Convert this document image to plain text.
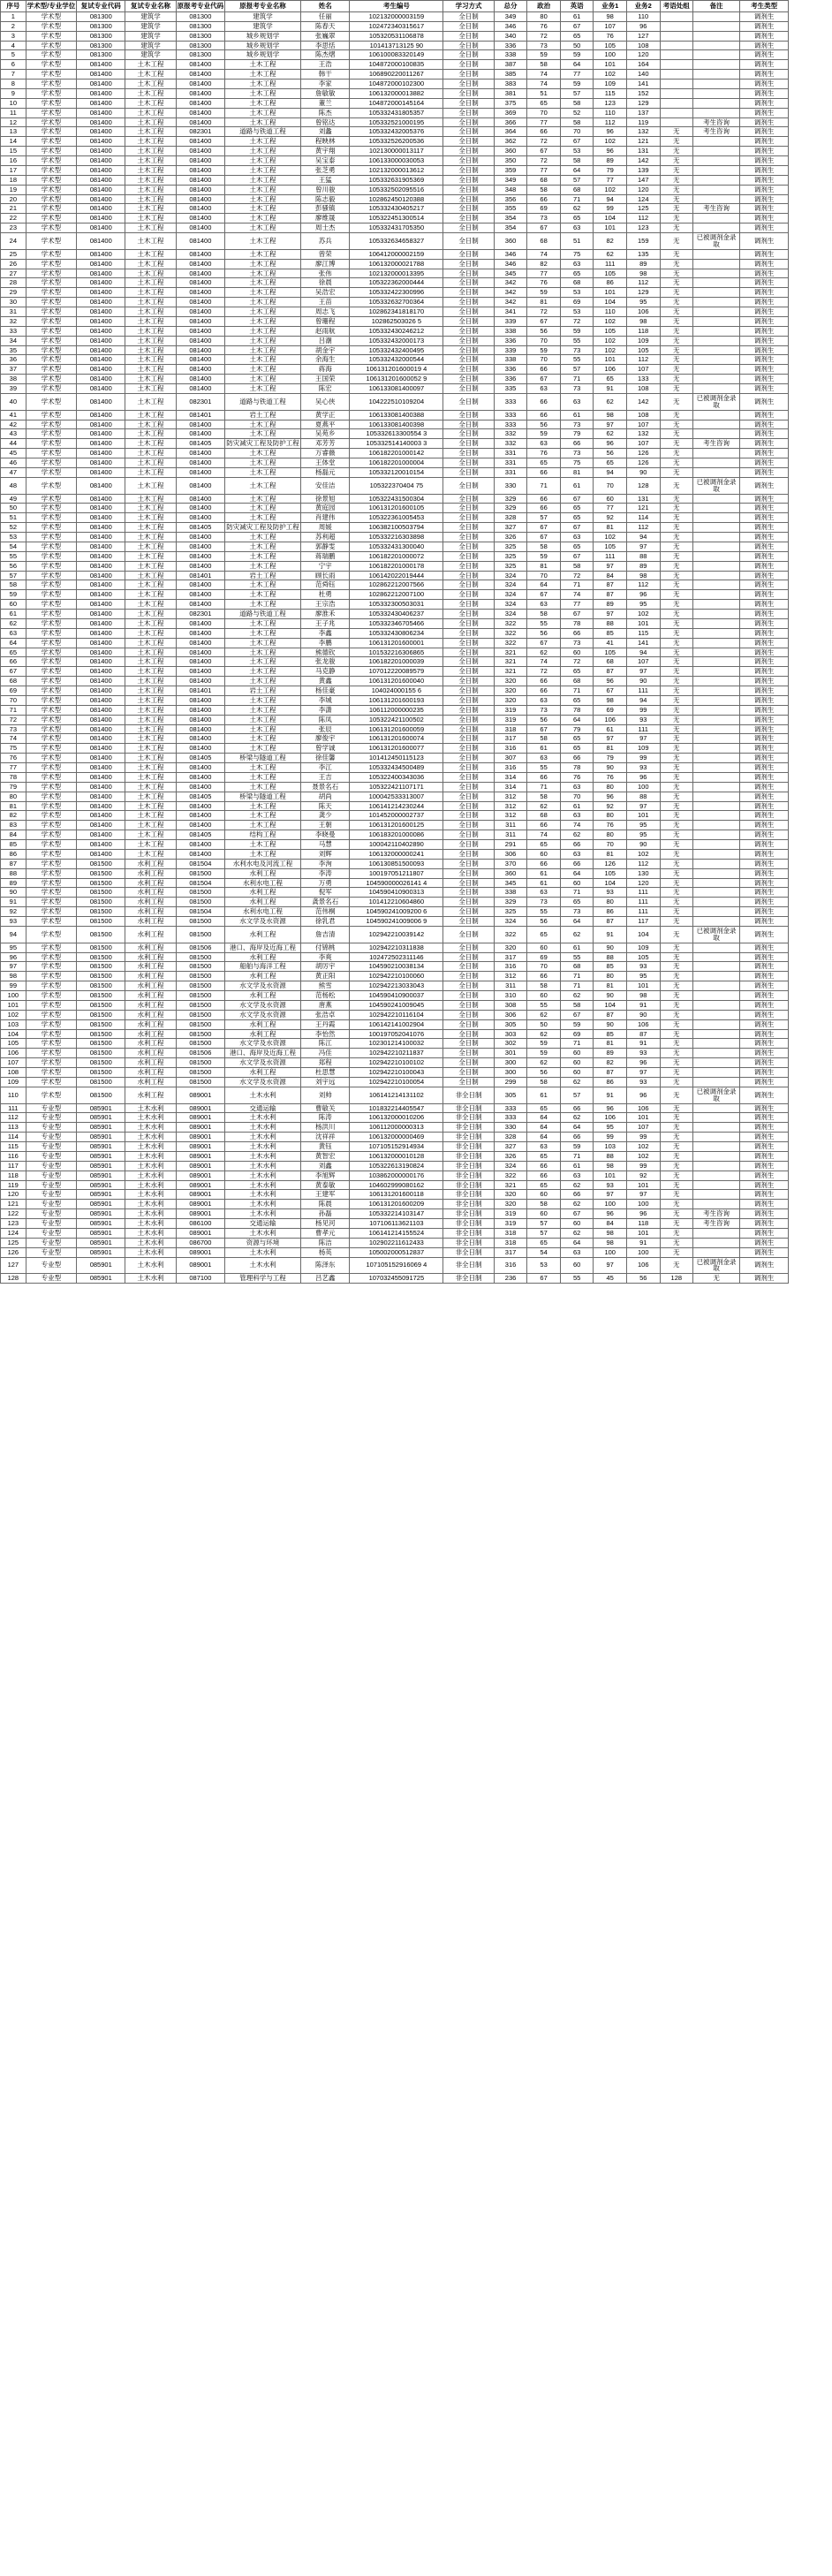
序号	学术型/专业学位	复试专业代码	复试专业名称	原报考专业代码	原报考专业名称	姓名	考生编号	学习方式	总分	政治	英语	业务1	业务2	考语处组	备注	考生类型
1	学术型	081300	建筑学	081300	建筑学	任丽	102132000003159	全日制	349	80	61	98	110			调剂生
2	学术型	081300	建筑学	081300	建筑学	陈春天	102472340315617	全日制	346	76	67	107	96			调剂生
3	学术型	081300	建筑学	081300	城乡规划学	张巍翠	105320531106878	全日制	340	72	65	76	127			调剂生
4	学术型	081300	建筑学	081300	城乡规划学	李思恬	101413713125 90	全日制	336	73	50	105	108			调剂生
5	学术型	081300	建筑学	081300	城乡规划学	陈杰熠	106100083320149	全日制	338	59	59	100	120			调剂生
6	学术型	081400	土木工程	081400	土木工程	王浩	104872000100835	全日制	387	58	64	101	164			调剂生
7	学术型	081400	土木工程	081400	土木工程	韩干	106890220011267	全日制	385	74	77	102	140			调剂生
8	学术型	081400	土木工程	081400	土木工程	李家	104872000102300	全日制	383	74	59	109	141			调剂生
9	学术型	081400	土木工程	081400	土木工程	詹敏敏	106132000013882	全日制	381	51	57	115	152			调剂生
10	学术型	081400	土木工程	081400	土木工程	董兰	104872000145164	全日制	375	65	58	123	129			调剂生
11	学术型	081400	土木工程	081400	土木工程	陈杰	105332431805357	全日制	369	70	52	110	137			调剂生
12	学术型	081400	土木工程	081400	土木工程	曾铭达	105332521000195	全日制	366	77	58	112	119		考生咨询	调剂生
13	学术型	081400	土木工程	082301	道路与铁道工程	刘蠡	105332432005376	全日制	364	66	70	96	132	无	考生咨询	调剂生
14	学术型	081400	土木工程	081400	土木工程	程映林	105332526200536	全日制	362	72	67	102	121	无		调剂生
15	学术型	081400	土木工程	081400	土木工程	黄宇翔	102130000013117	全日制	360	67	53	96	131	无		调剂生
16	学术型	081400	土木工程	081400	土木工程	吴宝泰	106133000030053	全日制	350	72	58	89	142	无		调剂生
17	学术型	081400	土木工程	081400	土木工程	张芝勇	102132000013612	全日制	359	77	64	79	139	无		调剂生
18	学术型	081400	土木工程	081400	土木工程	王猛	105332631905369	全日制	349	68	57	77	147	无		调剂生
19	学术型	081400	土木工程	081400	土木工程	曾川骏	105332502095516	全日制	348	58	68	102	120	无		调剂生
20	学术型	081400	土木工程	081400	土木工程	陈志毅	102862450120388	全日制	356	66	71	94	124	无		调剂生
21	学术型	081400	土木工程	081400	土木工程	彭骚镇	105332430405217	全日制	355	69	62	99	125	无	考生咨询	调剂生
22	学术型	081400	土木工程	081400	土木工程	廖维晟	105322451300514	全日制	354	73	65	104	112	无		调剂生
23	学术型	081400	土木工程	081400	土木工程	周士杰	105332431705350	全日制	354	67	63	101	123	无		调剂生
24	学术型	081400	土木工程	081400	土木工程	苏兵	105332634658327	全日制	360	68	51	82	159	无	已被调剂金录取	调剂生
25	学术型	081400	土木工程	081400	土木工程	曾荣	106412000002159	全日制	346	74	75	62	135	无		调剂生
26	学术型	081400	土木工程	081400	土木工程	廖江博	106132000021788	全日制	346	82	63	111	89	无		调剂生
27	学术型	081400	土木工程	081400	土木工程	张伟	102132000013395	全日制	345	77	65	105	98	无		调剂生
28	学术型	081400	土木工程	081400	土木工程	徐晨	105322362000444	全日制	342	76	68	86	112	无		调剂生
29	学术型	081400	土木工程	081400	土木工程	吴浩宏	105332422300996	全日制	342	59	53	101	129	无		调剂生
30	学术型	081400	土木工程	081400	土木工程	王苗	105332632700364	全日制	342	81	69	104	95	无		调剂生
31	学术型	081400	土木工程	081400	土木工程	周志飞	102862341818170	全日制	341	72	53	110	106	无		调剂生
32	学术型	081400	土木工程	081400	土木工程	曾珊程	102862503026 5	全日制	339	67	72	102	98	无		调剂生
33	学术型	081400	土木工程	081400	土木工程	赵雨航	105332430246212	全日制	338	56	59	105	118	无		调剂生
34	学术型	081400	土木工程	081400	土木工程	吕潮	105332432000173	全日制	336	70	55	102	109	无		调剂生
35	学术型	081400	土木工程	081400	土木工程	胡金宇	105332432400495	全日制	339	59	73	102	105	无		调剂生
36	学术型	081400	土木工程	081400	土木工程	余海生	105332432000544	全日制	338	70	55	101	112	无		调剂生
37	学术型	081400	土木工程	081400	土木工程	蒋海	106131201600019 4	全日制	336	66	57	106	107	无		调剂生
38	学术型	081400	土木工程	081400	土木工程	王国荣	106131201600052 9	全日制	336	67	71	65	133	无		调剂生
39	学术型	081400	土木工程	081400	土木工程	陈宏	106133081400097	全日制	335	63	73	91	108	无		调剂生
40	学术型	081400	土木工程	082301	道路与铁道工程	吴心侠	104222510109204	全日制	333	66	63	62	142	无	已被调剂金录取	调剂生
41	学术型	081400	土木工程	081401	岩土工程	黄学正	106133081400388	全日制	333	66	61	98	108	无		调剂生
42	学术型	081400	土木工程	081400	土木工程	夏燕平	106133081400398	全日制	333	56	73	97	107	无		调剂生
43	学术型	081400	土木工程	081400	土木工程	吴苑乡	105332613300554 3	全日制	332	59	79	62	132	无		调剂生
44	学术型	081400	土木工程	081405	防灾减灾工程及防护工程	邓芳芳	105332514140003 3	全日制	332	63	66	96	107	无	考生咨询	调剂生
45	学术型	081400	土木工程	081400	土木工程	万睿薇	106182201000142	全日制	331	76	73	56	126	无		调剂生
46	学术型	081400	土木工程	081400	土木工程	王体堂	106182201000004	全日制	331	65	75	65	126	无		调剂生
47	学术型	081400	土木工程	081400	土木工程	杨磊元	105332120010154	全日制	331	66	81	94	90	无		调剂生
48	学术型	081400	土木工程	081400	土木工程	安佳洁	105322370404 75	全日制	330	71	61	70	128	无	已被调剂金录取	调剂生
49	学术型	081400	土木工程	081400	土木工程	徐景旭	105322431500304	全日制	329	66	67	60	131	无		调剂生
50	学术型	081400	土木工程	081400	土木工程	黄庭园	106131201600105	全日制	329	66	65	77	121	无		调剂生
51	学术型	081400	土木工程	081400	土木工程	肖建伟	105322361005453	全日制	328	57	65	92	114	无		调剂生
52	学术型	081400	土木工程	081405	防灾减灾工程及防护工程	周媛	106382100503794	全日制	327	67	67	81	112	无		调剂生
53	学术型	081400	土木工程	081400	土木工程	苏利超	105332216303898	全日制	326	67	63	102	94	无		调剂生
54	学术型	081400	土木工程	081400	土木工程	郭静雯	105332431300040	全日制	325	58	65	105	97	无		调剂生
55	学术型	081400	土木工程	081400	土木工程	蒋瑞鹏	106182201000072	全日制	325	59	67	111	88	无		调剂生
56	学术型	081400	土木工程	081400	土木工程	宁宇	106182201000178	全日制	325	81	58	97	89	无		调剂生
57	学术型	081400	土木工程	081401	岩土工程	顾长雨	106142022019444	全日制	324	70	72	84	98	无		调剂生
58	学术型	081400	土木工程	081400	土木工程	范舜钰	102862212007566	全日制	324	64	71	87	112	无		调剂生
59	学术型	081400	土木工程	081400	土木工程	杜勇	102862212007100	全日制	324	67	74	87	96	无		调剂生
60	学术型	081400	土木工程	081400	土木工程	王宗浩	105332300503031	全日制	324	63	77	89	95	无		调剂生
61	学术型	081400	土木工程	082301	道路与铁道工程	廖淮禾	105332430406237	全日制	324	58	67	97	102	无		调剂生
62	学术型	081400	土木工程	081400	土木工程	王子兆	105332346705466	全日制	322	55	78	88	101	无		调剂生
63	学术型	081400	土木工程	081400	土木工程	李鑫	105332430806234	全日制	322	56	66	85	115	无		调剂生
64	学术型	081400	土木工程	081400	土木工程	李鹏	106131201600001	全日制	322	67	73	41	141	无		调剂生
65	学术型	081400	土木工程	081400	土木工程	熊德钦	101532216306865	全日制	321	62	60	105	94	无		调剂生
66	学术型	081400	土木工程	081400	土木工程	张龙骏	106182201000039	全日制	321	74	72	68	107	无		调剂生
67	学术型	081400	土木工程	081400	土木工程	马克静	107012220089579	全日制	321	72	65	87	97	无		调剂生
68	学术型	081400	土木工程	081400	土木工程	黄鑫	106131201600040	全日制	320	66	68	96	90	无		调剂生
69	学术型	081400	土木工程	081401	岩土工程	杨佳豪	104024000155 6	全日制	320	66	71	67	111	无		调剂生
70	学术型	081400	土木工程	081400	土木工程	李城	106131201600193	全日制	320	63	65	98	94	无		调剂生
71	学术型	081400	土木工程	081400	土木工程	李潇	106112000000235	全日制	319	73	78	69	99	无		调剂生
72	学术型	081400	土木工程	081400	土木工程	陈凤	105322421100502	全日制	319	56	64	106	93	无		调剂生
73	学术型	081400	土木工程	081400	土木工程	张辰	106131201600059	全日制	318	67	79	61	111	无		调剂生
74	学术型	081400	土木工程	081400	土木工程	廖俊宇	106131201600074	全日制	317	58	65	97	97	无		调剂生
75	学术型	081400	土木工程	081400	土木工程	曾学诚	106131201600077	全日制	316	61	65	81	109	无		调剂生
76	学术型	081400	土木工程	081405	桥梁与隧道工程	徐佳馨	101412450115123	全日制	307	63	66	79	99	无		调剂生
77	学术型	081400	土木工程	081400	土木工程	李江	105332434500489	全日制	316	55	78	90	93	无		调剂生
78	学术型	081400	土木工程	081400	土木工程	王吉	105322400343036	全日制	314	66	76	76	96	无		调剂生
79	学术型	081400	土木工程	081400	土木工程	聂景名石	105322421107171	全日制	314	71	63	80	100	无		调剂生
80	学术型	081400	土木工程	081405	桥梁与隧道工程	胡尚	100042533313007	全日制	312	58	70	96	88	无		调剂生
81	学术型	081400	土木工程	081400	土木工程	陈天	106141214230244	全日制	312	62	61	92	97	无		调剂生
82	学术型	081400	土木工程	081400	土木工程	龚少	101452000002737	全日制	312	68	63	80	101	无		调剂生
83	学术型	081400	土木工程	081400	土木工程	王朝	106131201600125	全日制	311	66	74	76	95	无		调剂生
84	学术型	081400	土木工程	081405	结构工程	李晓曼	106183201000086	全日制	311	74	62	80	95	无		调剂生
85	学术型	081400	土木工程	081400	土木工程	马慧	100042110402890	全日制	291	65	66	70	90	无		调剂生
86	学术型	081400	土木工程	081400	土木工程	刘辉	106132000000241	全日制	306	60	63	81	102	无		调剂生
87	学术型	081500	水利工程	081504	水利水电及河流工程	李洵	106130851500093	全日制	370	66	66	126	112	无		调剂生
88	学术型	081500	水利工程	081500	水利工程	李涛	100197051211807	全日制	360	61	64	105	130	无		调剂生
89	学术型	081500	水利工程	081504	水利水电工程	万勇	104590000026141 4	全日制	345	61	60	104	120	无		调剂生
90	学术型	081500	水利工程	081500	水利工程	倪军	104590410900313	全日制	338	63	71	93	111	无		调剂生
91	学术型	081500	水利工程	081500	水利工程	龚景名石	101412210604860	全日制	329	73	65	80	111	无		调剂生
92	学术型	081500	水利工程	081504	水利水电工程	范伟桐	104590241009200 6	全日制	325	55	73	86	111	无		调剂生
93	学术型	081500	水利工程	081500	水文学及水资源	徐乳君	104590241009006 9	全日制	324	56	64	87	117	无		调剂生
94	学术型	081500	水利工程	081500	水利工程	詹吉清	102942210039142	全日制	322	65	62	91	104	无	已被调剂金录取	调剂生
95	学术型	081500	水利工程	081506	港口、海岸及近海工程	付锦桃	102942210311838	全日制	320	60	61	90	109	无		调剂生
96	学术型	081500	水利工程	081500	水利工程	李爽	102472502311146	全日制	317	69	55	88	105	无		调剂生
97	学术型	081500	水利工程	081500	船舶与海洋工程	胡厉宇	104590210038134	全日制	316	70	68	85	93	无		调剂生
98	学术型	081500	水利工程	081500	水利工程	黄正阳	102942210100060	全日制	312	66	71	80	95	无		调剂生
99	学术型	081500	水利工程	081500	水文学及水资源	熊雪	102942213033043	全日制	311	58	71	81	101	无		调剂生
100	学术型	081500	水利工程	081500	水利工程	范杨松	104590410900037	全日制	310	60	62	90	98	无		调剂生
101	学术型	081500	水利工程	081500	水文学及水资源	唐燕	104590241009045	全日制	308	55	58	104	91	无		调剂生
102	学术型	081500	水利工程	081500	水文学及水资源	张浩卓	102942210116104	全日制	306	62	67	87	90	无		调剂生
103	学术型	081500	水利工程	081500	水利工程	王丹霞	106142141002904	全日制	305	50	59	90	106	无		调剂生
104	学术型	081500	水利工程	081500	水利工程	李怡然	100197052041076	全日制	303	62	69	85	87	无		调剂生
105	学术型	081500	水利工程	081500	水文学及水资源	陈江	102301214100032	全日制	302	59	71	81	91	无		调剂生
106	学术型	081500	水利工程	081506	港口、海岸及近海工程	冯佳	102942210211837	全日制	301	59	60	89	93	无		调剂生
107	学术型	081500	水利工程	081500	水文学及水资源	郑程	102942210100102	全日制	300	62	60	82	96	无		调剂生
108	学术型	081500	水利工程	081500	水利工程	杜思慧	102942210100043	全日制	300	56	60	87	97	无		调剂生
109	学术型	081500	水利工程	081500	水文学及水资源	刘宇远	102942210100054	全日制	299	58	62	86	93	无		调剂生
110	学术型	081500	水利工程	089001	土木水利	刘帅	106141214131102	非全日制	305	61	57	91	96	无	已被调剂金录取	调剂生
111	专业型	085901	土木水利	089001	交通运输	曹敏关	101832214405547	非全日制	333	65	66	96	106	无		调剂生
112	专业型	085901	土木水利	089001	土木水利	陈涛	106132000010206	非全日制	333	64	62	106	101	无		调剂生
113	专业型	085901	土木水利	089001	土木水利	杨洪川	106112000000313	非全日制	330	64	64	95	107	无		调剂生
114	专业型	085901	土木水利	089001	土木水利	沈祥祥	106132000000469	非全日制	328	64	66	99	99	无		调剂生
115	专业型	085901	土木水利	089001	土木水利	黄钰	107105152914934	非全日制	327	63	59	103	102	无		调剂生
116	专业型	085901	土木水利	089001	土木水利	黄智宏	106132000010128	非全日制	326	65	71	88	102	无		调剂生
117	专业型	085901	土木水利	089001	土木水利	刘鑫	105322613190824	非全日制	324	66	61	98	99	无		调剂生
118	专业型	085901	土木水利	089001	土木水利	李旭辉	103862000000176	非全日制	322	66	63	101	92	无		调剂生
119	专业型	085901	土木水利	089001	土木水利	黄泰敏	104602999080162	非全日制	321	65	62	93	101	无		调剂生
120	专业型	085901	土木水利	089001	土木水利	王建军	106131201600118	非全日制	320	60	66	97	97	无		调剂生
121	专业型	085901	土木水利	089001	土木水利	陈晨	106131201600209	非全日制	320	58	62	100	100	无		调剂生
122	专业型	085901	土木水利	089001	土木水利	孙磊	105332214103147	非全日制	319	60	67	96	96	无	考生咨询	调剂生
123	专业型	085901	土木水利	086100	交通运输	杨见河	107106113621103	非全日制	319	57	60	84	118	无	考生咨询	调剂生
124	专业型	085901	土木水利	089001	土木水利	曹孝元	106141214155524	非全日制	318	57	62	98	101	无		调剂生
125	专业型	085901	土木水利	086700	资源与环境	陈洁	102902211612433	非全日制	318	65	64	98	91	无		调剂生
126	专业型	085901	土木水利	089001	土木水利	杨英	105002000512837	非全日制	317	54	63	100	100	无		调剂生
127	专业型	085901	土木水利	089001	土木水利	陈泽东	107105152916069 4	非全日制	316	53	60	97	106	无	已被调剂金录取	调剂生
128	专业型	085901	土木水利	087100	管理科学与工程	吕艺鑫	107032455091725	非全日制	236	67	55	45	56	128	无	调剂生
